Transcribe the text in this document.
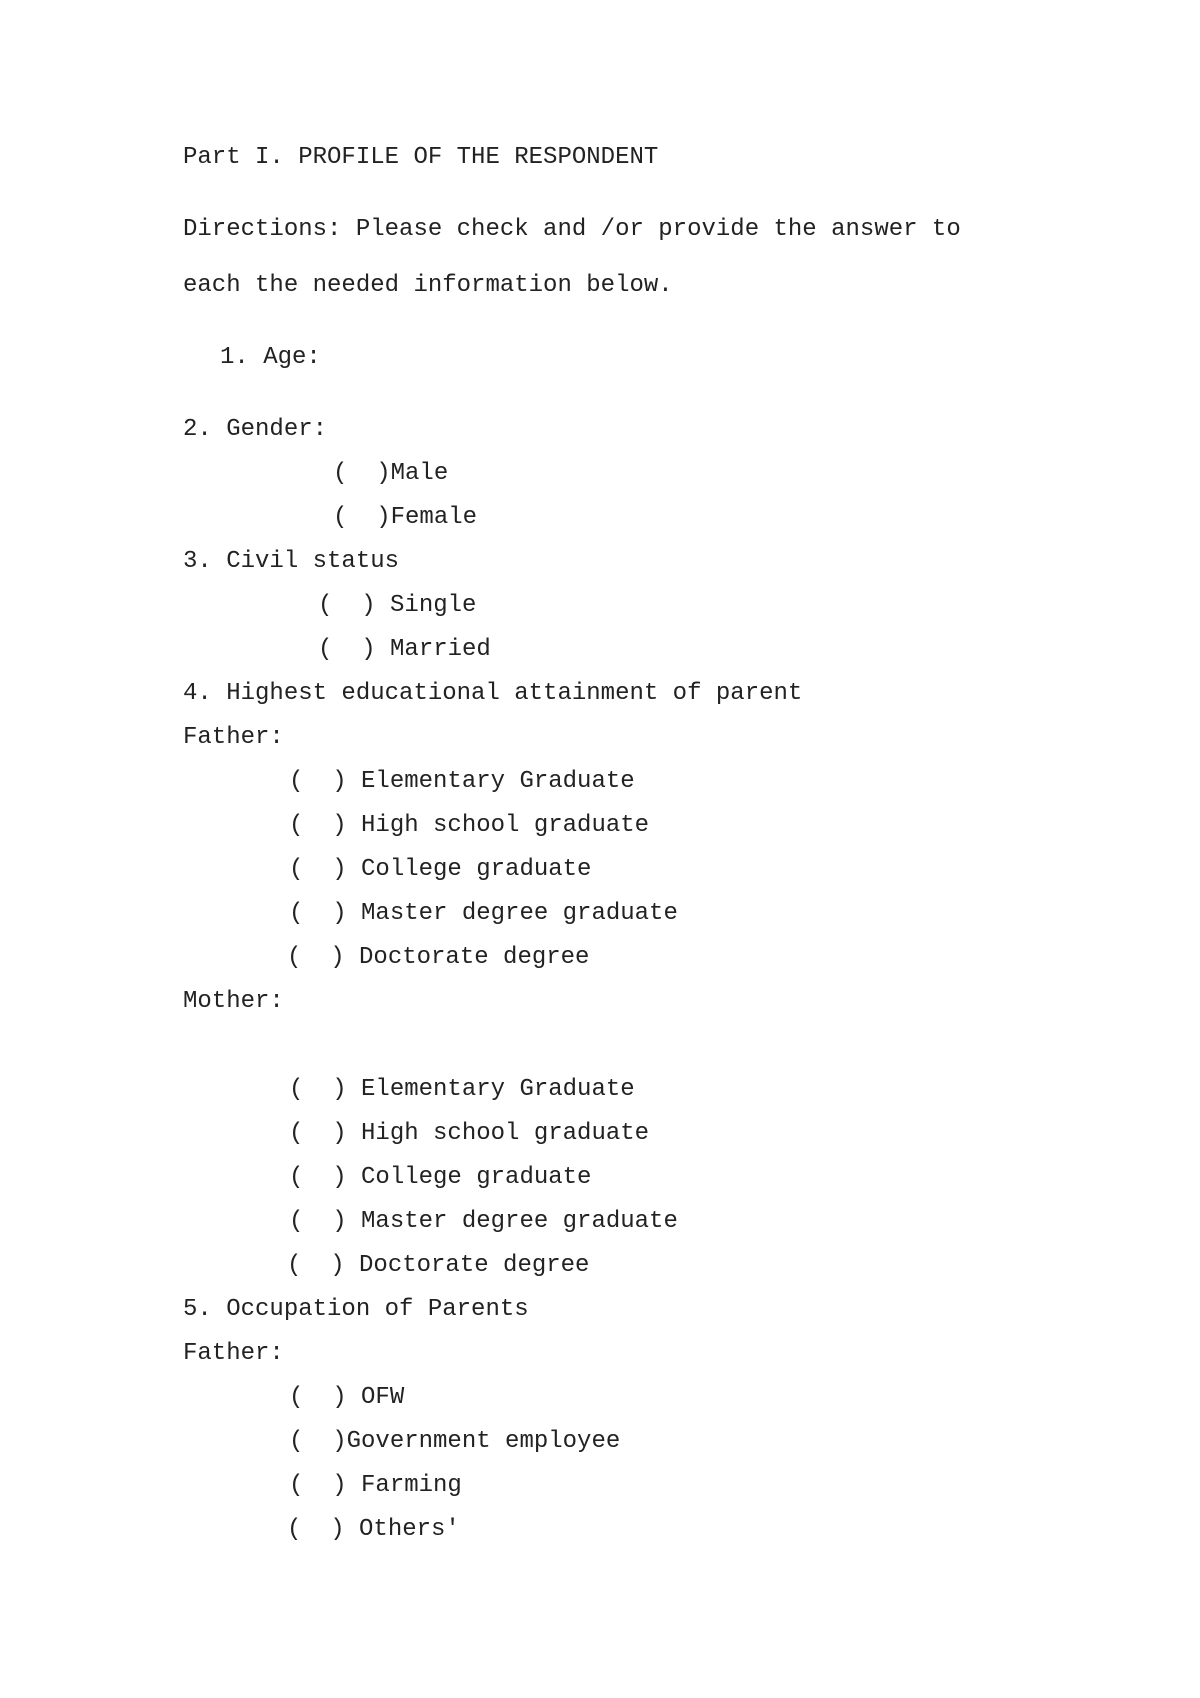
Part I. PROFILE OF THE RESPONDENT
Directions: Please check and /or provide the answer to
each the needed information below.
1. Age:
2. Gender:
(  )Male
(  )Female
3. Civil status
(  ) Single
(  ) Married
4. Highest educational attainment of parent
Father:
(  ) Elementary Graduate
(  ) High school graduate
(  ) College graduate
(  ) Master degree graduate
(  ) Doctorate degree
Mother:
(  ) Elementary Graduate
(  ) High school graduate
(  ) College graduate
(  ) Master degree graduate
(  ) Doctorate degree
5. Occupation of Parents
Father:
(  ) OFW
(  )Government employee
(  ) Farming
(  ) Others'
